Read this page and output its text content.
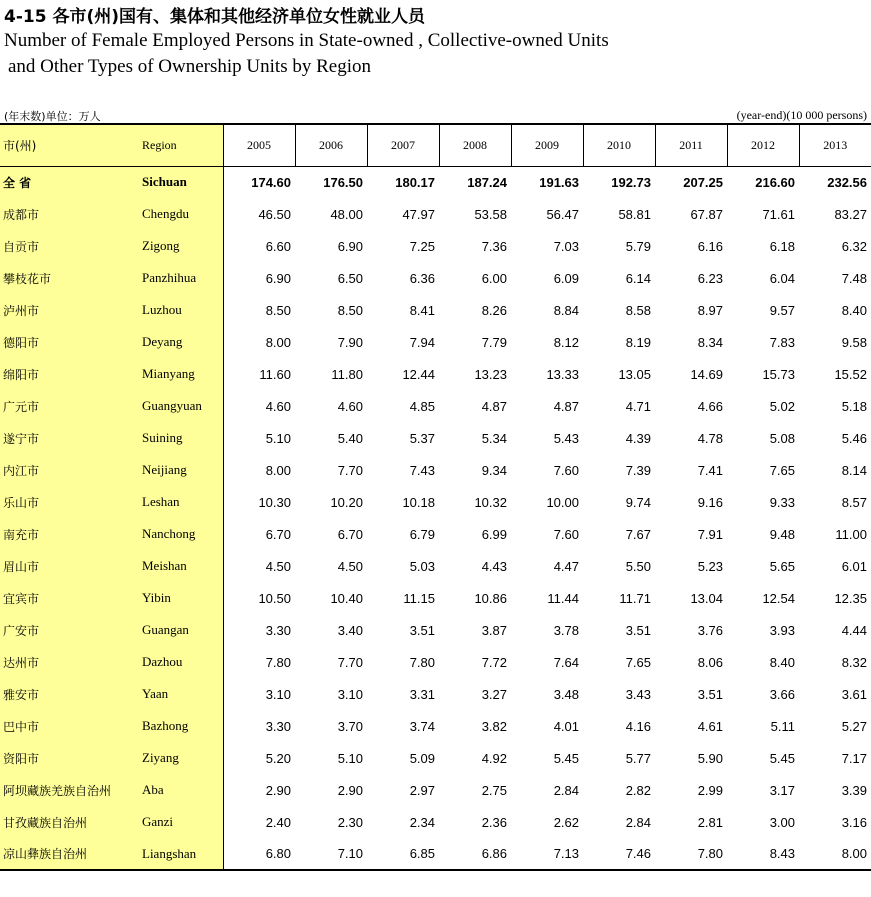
4-15 各市(州)国有、集体和其他经济单位女性就业人员
Number of Female Employed Persons in State-owned , Collective-owned Units
and Other Types of Ownership Units by Region
(年末数)单位：万人	(year-end)(10 000 persons)
市(州)	Region	2005	2006	2007	2008	2009	2010	2011	2012	2013
全 省	Sichuan	174.60	176.50	180.17	187.24	191.63	192.73	207.25	216.60	232.56
成都市	Chengdu	46.50	48.00	47.97	53.58	56.47	58.81	67.87	71.61	83.27
自贡市	Zigong	6.60	6.90	7.25	7.36	7.03	5.79	6.16	6.18	6.32
攀枝花市	Panzhihua	6.90	6.50	6.36	6.00	6.09	6.14	6.23	6.04	7.48
泸州市	Luzhou	8.50	8.50	8.41	8.26	8.84	8.58	8.97	9.57	8.40
德阳市	Deyang	8.00	7.90	7.94	7.79	8.12	8.19	8.34	7.83	9.58
绵阳市	Mianyang	11.60	11.80	12.44	13.23	13.33	13.05	14.69	15.73	15.52
广元市	Guangyuan	4.60	4.60	4.85	4.87	4.87	4.71	4.66	5.02	5.18
遂宁市	Suining	5.10	5.40	5.37	5.34	5.43	4.39	4.78	5.08	5.46
内江市	Neijiang	8.00	7.70	7.43	9.34	7.60	7.39	7.41	7.65	8.14
乐山市	Leshan	10.30	10.20	10.18	10.32	10.00	9.74	9.16	9.33	8.57
南充市	Nanchong	6.70	6.70	6.79	6.99	7.60	7.67	7.91	9.48	11.00
眉山市	Meishan	4.50	4.50	5.03	4.43	4.47	5.50	5.23	5.65	6.01
宜宾市	Yibin	10.50	10.40	11.15	10.86	11.44	11.71	13.04	12.54	12.35
广安市	Guangan	3.30	3.40	3.51	3.87	3.78	3.51	3.76	3.93	4.44
达州市	Dazhou	7.80	7.70	7.80	7.72	7.64	7.65	8.06	8.40	8.32
雅安市	Yaan	3.10	3.10	3.31	3.27	3.48	3.43	3.51	3.66	3.61
巴中市	Bazhong	3.30	3.70	3.74	3.82	4.01	4.16	4.61	5.11	5.27
资阳市	Ziyang	5.20	5.10	5.09	4.92	5.45	5.77	5.90	5.45	7.17
阿坝藏族羌族自治州	Aba	2.90	2.90	2.97	2.75	2.84	2.82	2.99	3.17	3.39
甘孜藏族自治州	Ganzi	2.40	2.30	2.34	2.36	2.62	2.84	2.81	3.00	3.16
凉山彝族自治州	Liangshan	6.80	7.10	6.85	6.86	7.13	7.46	7.80	8.43	8.00
